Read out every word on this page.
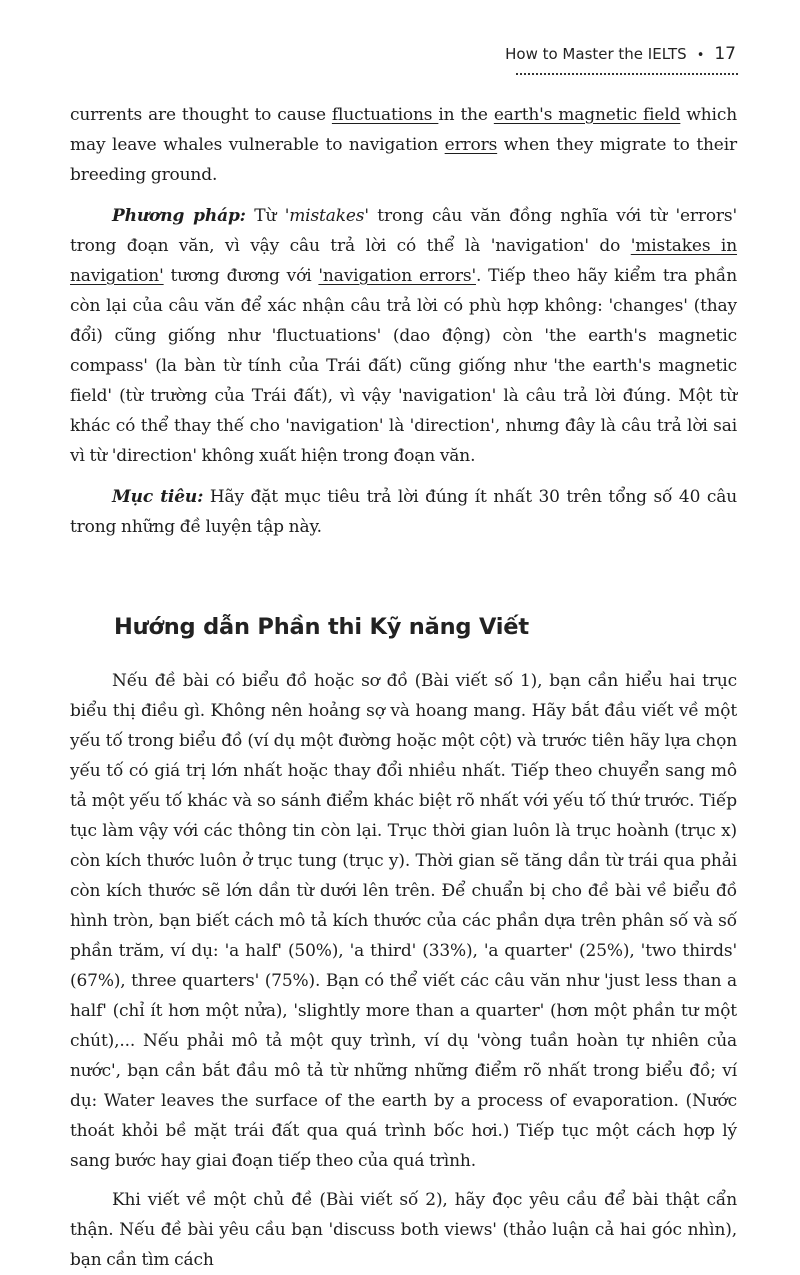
How to Master the IELTS • 17

currents are thought to cause fluctuations in the earth's magnetic field which may leave whales vulnerable to navigation errors when they migrate to their breeding ground.

Phương pháp: Từ 'mistakes' trong câu văn đồng nghĩa với từ 'errors' trong đoạn văn, vì vậy câu trả lời có thể là 'navigation' do 'mistakes in navigation' tương đương với 'navigation errors'. Tiếp theo hãy kiểm tra phần còn lại của câu văn để xác nhận câu trả lời có phù hợp không: 'changes' (thay đổi) cũng giống như 'fluctuations' (dao động) còn 'the earth's magnetic compass' (la bàn từ tính của Trái đất) cũng giống như 'the earth's magnetic field' (từ trường của Trái đất), vì vậy 'navigation' là câu trả lời đúng. Một từ khác có thể thay thế cho 'navigation' là 'direction', nhưng đây là câu trả lời sai vì từ 'direction' không xuất hiện trong đoạn văn.

Mục tiêu: Hãy đặt mục tiêu trả lời đúng ít nhất 30 trên tổng số 40 câu trong những đề luyện tập này.

Hướng dẫn Phần thi Kỹ năng Viết

Nếu đề bài có biểu đồ hoặc sơ đồ (Bài viết số 1), bạn cần hiểu hai trục biểu thị điều gì. Không nên hoảng sợ và hoang mang. Hãy bắt đầu viết về một yếu tố trong biểu đồ (ví dụ một đường hoặc một cột) và trước tiên hãy lựa chọn yếu tố có giá trị lớn nhất hoặc thay đổi nhiều nhất. Tiếp theo chuyển sang mô tả một yếu tố khác và so sánh điểm khác biệt rõ nhất với yếu tố thứ trước. Tiếp tục làm vậy với các thông tin còn lại. Trục thời gian luôn là trục hoành (trục x) còn kích thước luôn ở trục tung (trục y). Thời gian sẽ tăng dần từ trái qua phải còn kích thước sẽ lớn dần từ dưới lên trên. Để chuẩn bị cho đề bài về biểu đồ hình tròn, bạn biết cách mô tả kích thước của các phần dựa trên phân số và số phần trăm, ví dụ: 'a half' (50%), 'a third' (33%), 'a quarter' (25%), 'two thirds' (67%), three quarters' (75%). Bạn có thể viết các câu văn như 'just less than a half' (chỉ ít hơn một nửa), 'slightly more than a quarter' (hơn một phần tư một chút),... Nếu phải mô tả một quy trình, ví dụ 'vòng tuần hoàn tự nhiên của nước', bạn cần bắt đầu mô tả từ những những điểm rõ nhất trong biểu đồ; ví dụ: Water leaves the surface of the earth by a process of evaporation. (Nước thoát khỏi bề mặt trái đất qua quá trình bốc hơi.) Tiếp tục một cách hợp lý sang bước hay giai đoạn tiếp theo của quá trình.

Khi viết về một chủ đề (Bài viết số 2), hãy đọc yêu cầu để bài thật cẩn thận. Nếu đề bài yêu cầu bạn 'discuss both views' (thảo luận cả hai góc nhìn), bạn cần tìm cách
